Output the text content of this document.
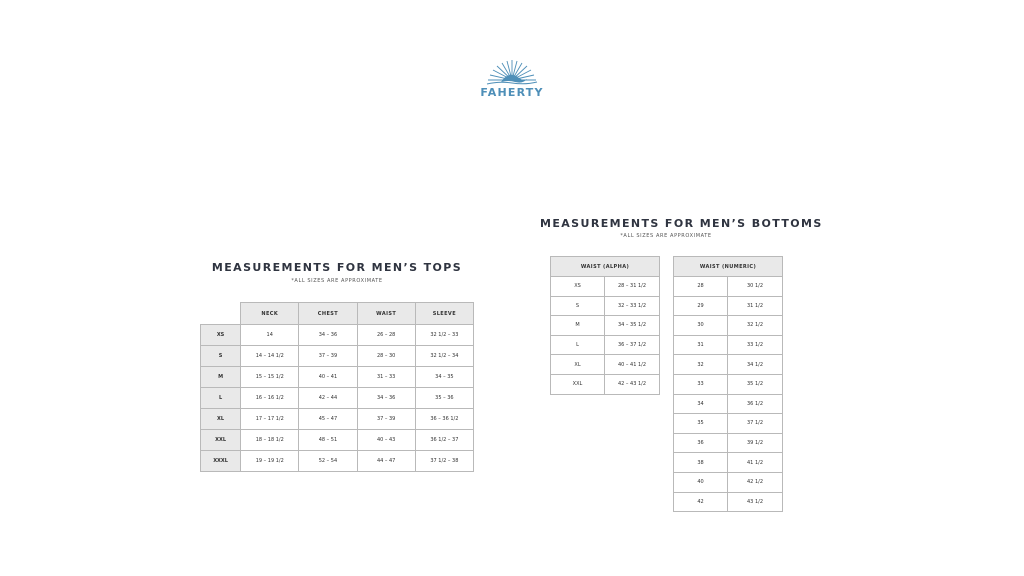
FAHERTY
MEASUREMENTS FOR MEN’S TOPS
*ALL SIZES ARE APPROXIMATE
	NECK	CHEST	WAIST	SLEEVE
XS	14	34 – 36	26 – 28	32 1/2 – 33
S	14 – 14 1/2	37 – 39	28 – 30	32 1/2 – 34
M	15 – 15 1/2	40 – 41	31 – 33	34 – 35
L	16 – 16 1/2	42 – 44	34 – 36	35 – 36
XL	17 – 17 1/2	45 – 47	37 – 39	36 – 36 1/2
XXL	18 – 18 1/2	48 – 51	40 – 43	36 1/2 – 37
XXXL	19 – 19 1/2	52 – 54	44 – 47	37 1/2 – 38
MEASUREMENTS FOR MEN’S BOTTOMS
*ALL SIZES ARE APPROXIMATE
WAIST (ALPHA)	
XS	28 – 31 1/2
S	32 – 33 1/2
M	34 – 35 1/2
L	36 – 37 1/2
XL	40 – 41 1/2
XXL	42 – 43 1/2
WAIST (NUMERIC)	
28	30 1/2
29	31 1/2
30	32 1/2
31	33 1/2
32	34 1/2
33	35 1/2
34	36 1/2
35	37 1/2
36	39 1/2
38	41 1/2
40	42 1/2
42	43 1/2
